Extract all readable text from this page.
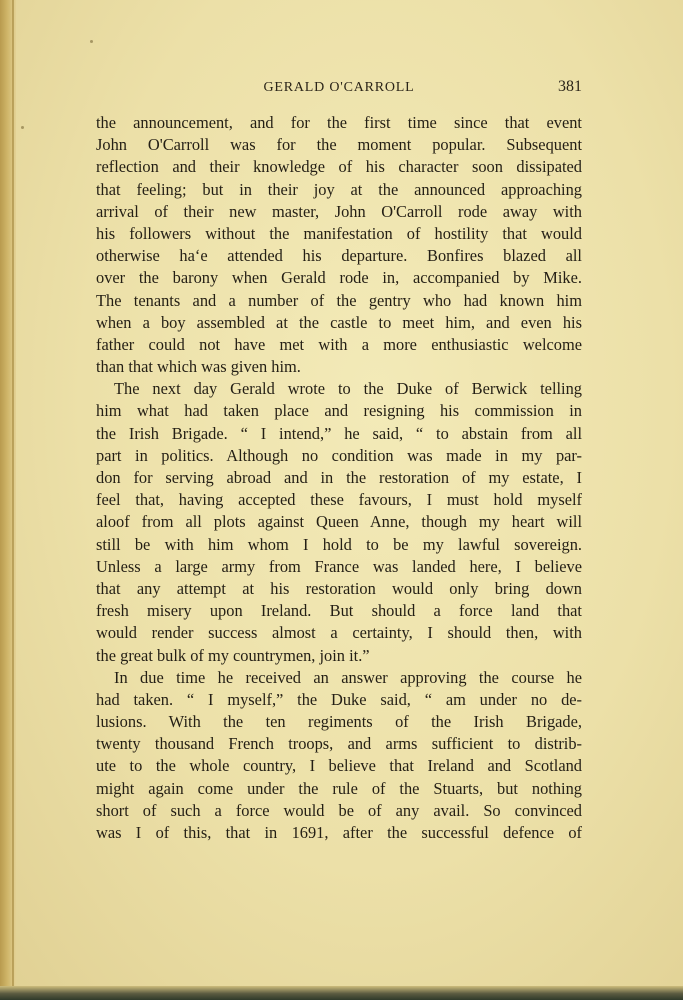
GERALD O'CARROLL	381
the announcement, and for the first time since that event
John O'Carroll was for the moment popular. Subsequent
reflection and their knowledge of his character soon dissipated
that feeling; but in their joy at the announced approaching
arrival of their new master, John O'Carroll rode away with
his followers without the manifestation of hostility that would
otherwise haʻe attended his departure. Bonfires blazed all
over the barony when Gerald rode in, accompanied by Mike.
The tenants and a number of the gentry who had known him
when a boy assembled at the castle to meet him, and even his
father could not have met with a more enthusiastic welcome
than that which was given him.
The next day Gerald wrote to the Duke of Berwick telling
him what had taken place and resigning his commission in
the Irish Brigade. “ I intend,” he said, “ to abstain from all
part in politics. Although no condition was made in my par-
don for serving abroad and in the restoration of my estate, I
feel that, having accepted these favours, I must hold myself
aloof from all plots against Queen Anne, though my heart will
still be with him whom I hold to be my lawful sovereign.
Unless a large army from France was landed here, I believe
that any attempt at his restoration would only bring down
fresh misery upon Ireland. But should a force land that
would render success almost a certainty, I should then, with
the great bulk of my countrymen, join it.”
In due time he received an answer approving the course he
had taken. “ I myself,” the Duke said, “ am under no de-
lusions. With the ten regiments of the Irish Brigade,
twenty thousand French troops, and arms sufficient to distrib-
ute to the whole country, I believe that Ireland and Scotland
might again come under the rule of the Stuarts, but nothing
short of such a force would be of any avail. So convinced
was I of this, that in 1691, after the successful defence of
